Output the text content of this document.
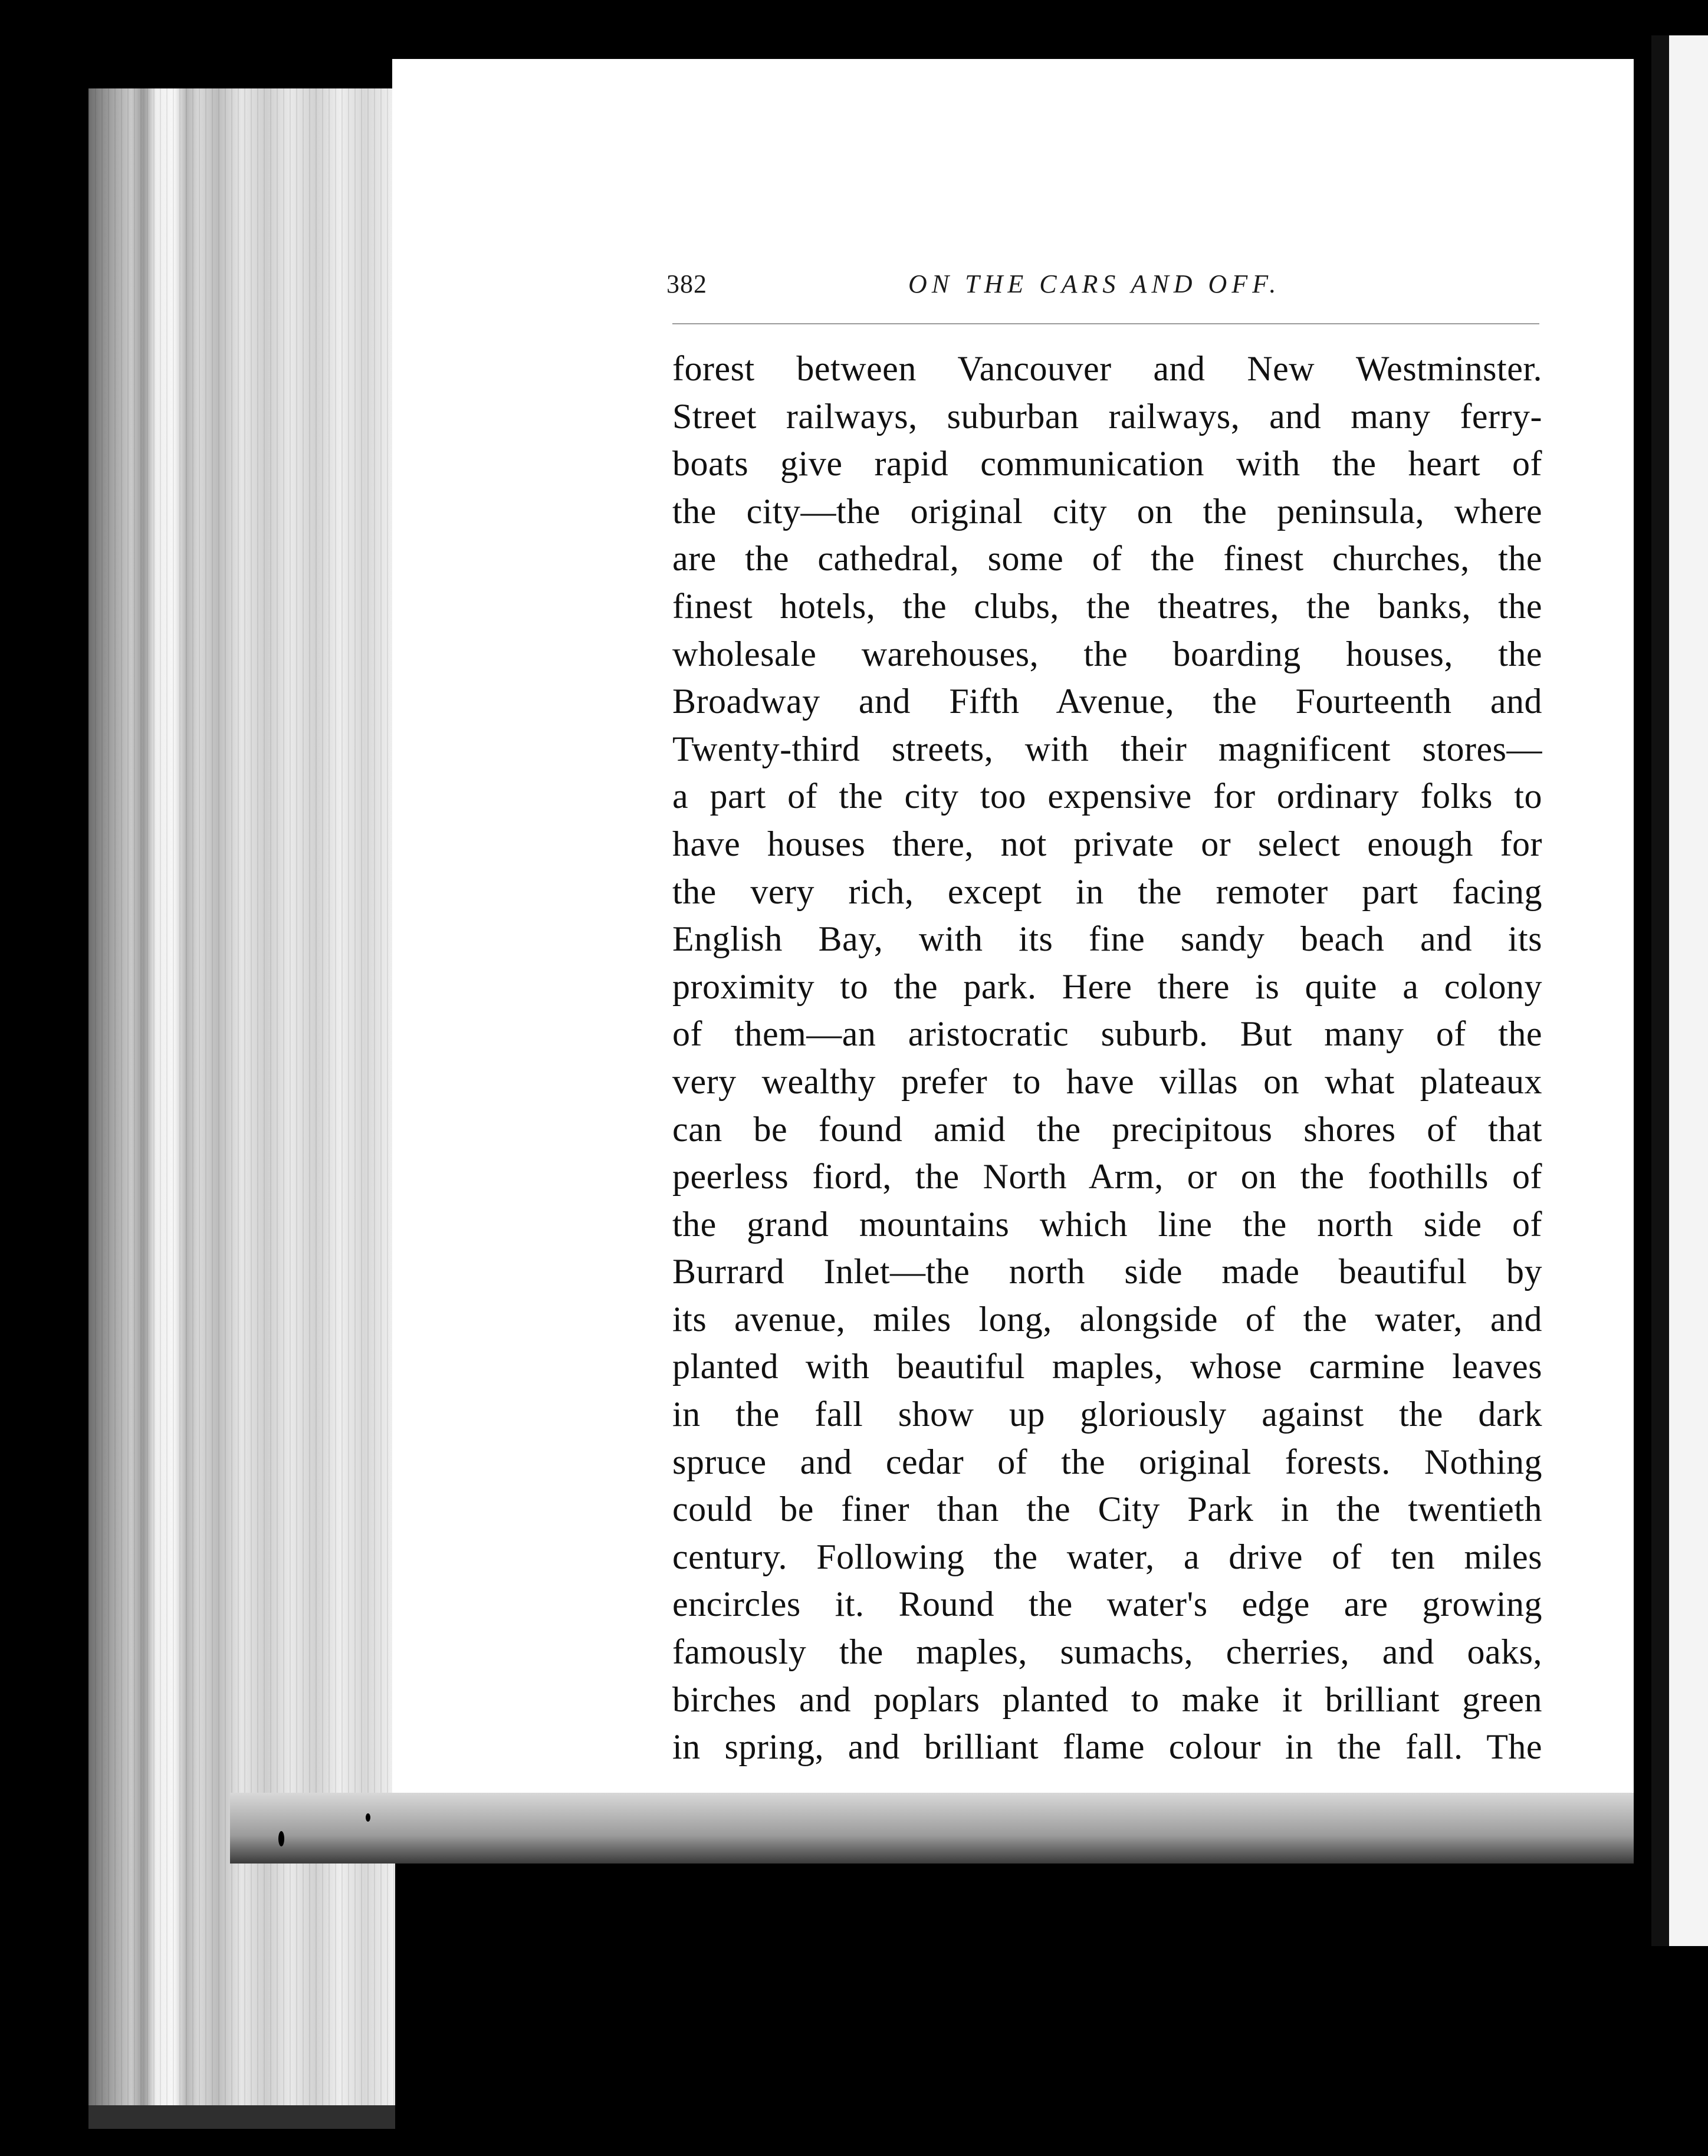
382	ON THE CARS AND OFF.
forest between Vancouver and New Westminster.
Street railways, suburban railways, and many ferry-
boats give rapid communication with the heart of
the city—the original city on the peninsula, where
are the cathedral, some of the finest churches, the
finest hotels, the clubs, the theatres, the banks, the
wholesale warehouses, the boarding houses, the
Broadway and Fifth Avenue, the Fourteenth and
Twenty-third streets, with their magnificent stores—
a part of the city too expensive for ordinary folks to
have houses there, not private or select enough for
the very rich, except in the remoter part facing
English Bay, with its fine sandy beach and its
proximity to the park. Here there is quite a colony
of them—an aristocratic suburb. But many of the
very wealthy prefer to have villas on what plateaux
can be found amid the precipitous shores of that
peerless fiord, the North Arm, or on the foothills of
the grand mountains which line the north side of
Burrard Inlet—the north side made beautiful by
its avenue, miles long, alongside of the water, and
planted with beautiful maples, whose carmine leaves
in the fall show up gloriously against the dark
spruce and cedar of the original forests. Nothing
could be finer than the City Park in the twentieth
century. Following the water, a drive of ten miles
encircles it. Round the water's edge are growing
famously the maples, sumachs, cherries, and oaks,
birches and poplars planted to make it brilliant green
in spring, and brilliant flame colour in the fall. The
